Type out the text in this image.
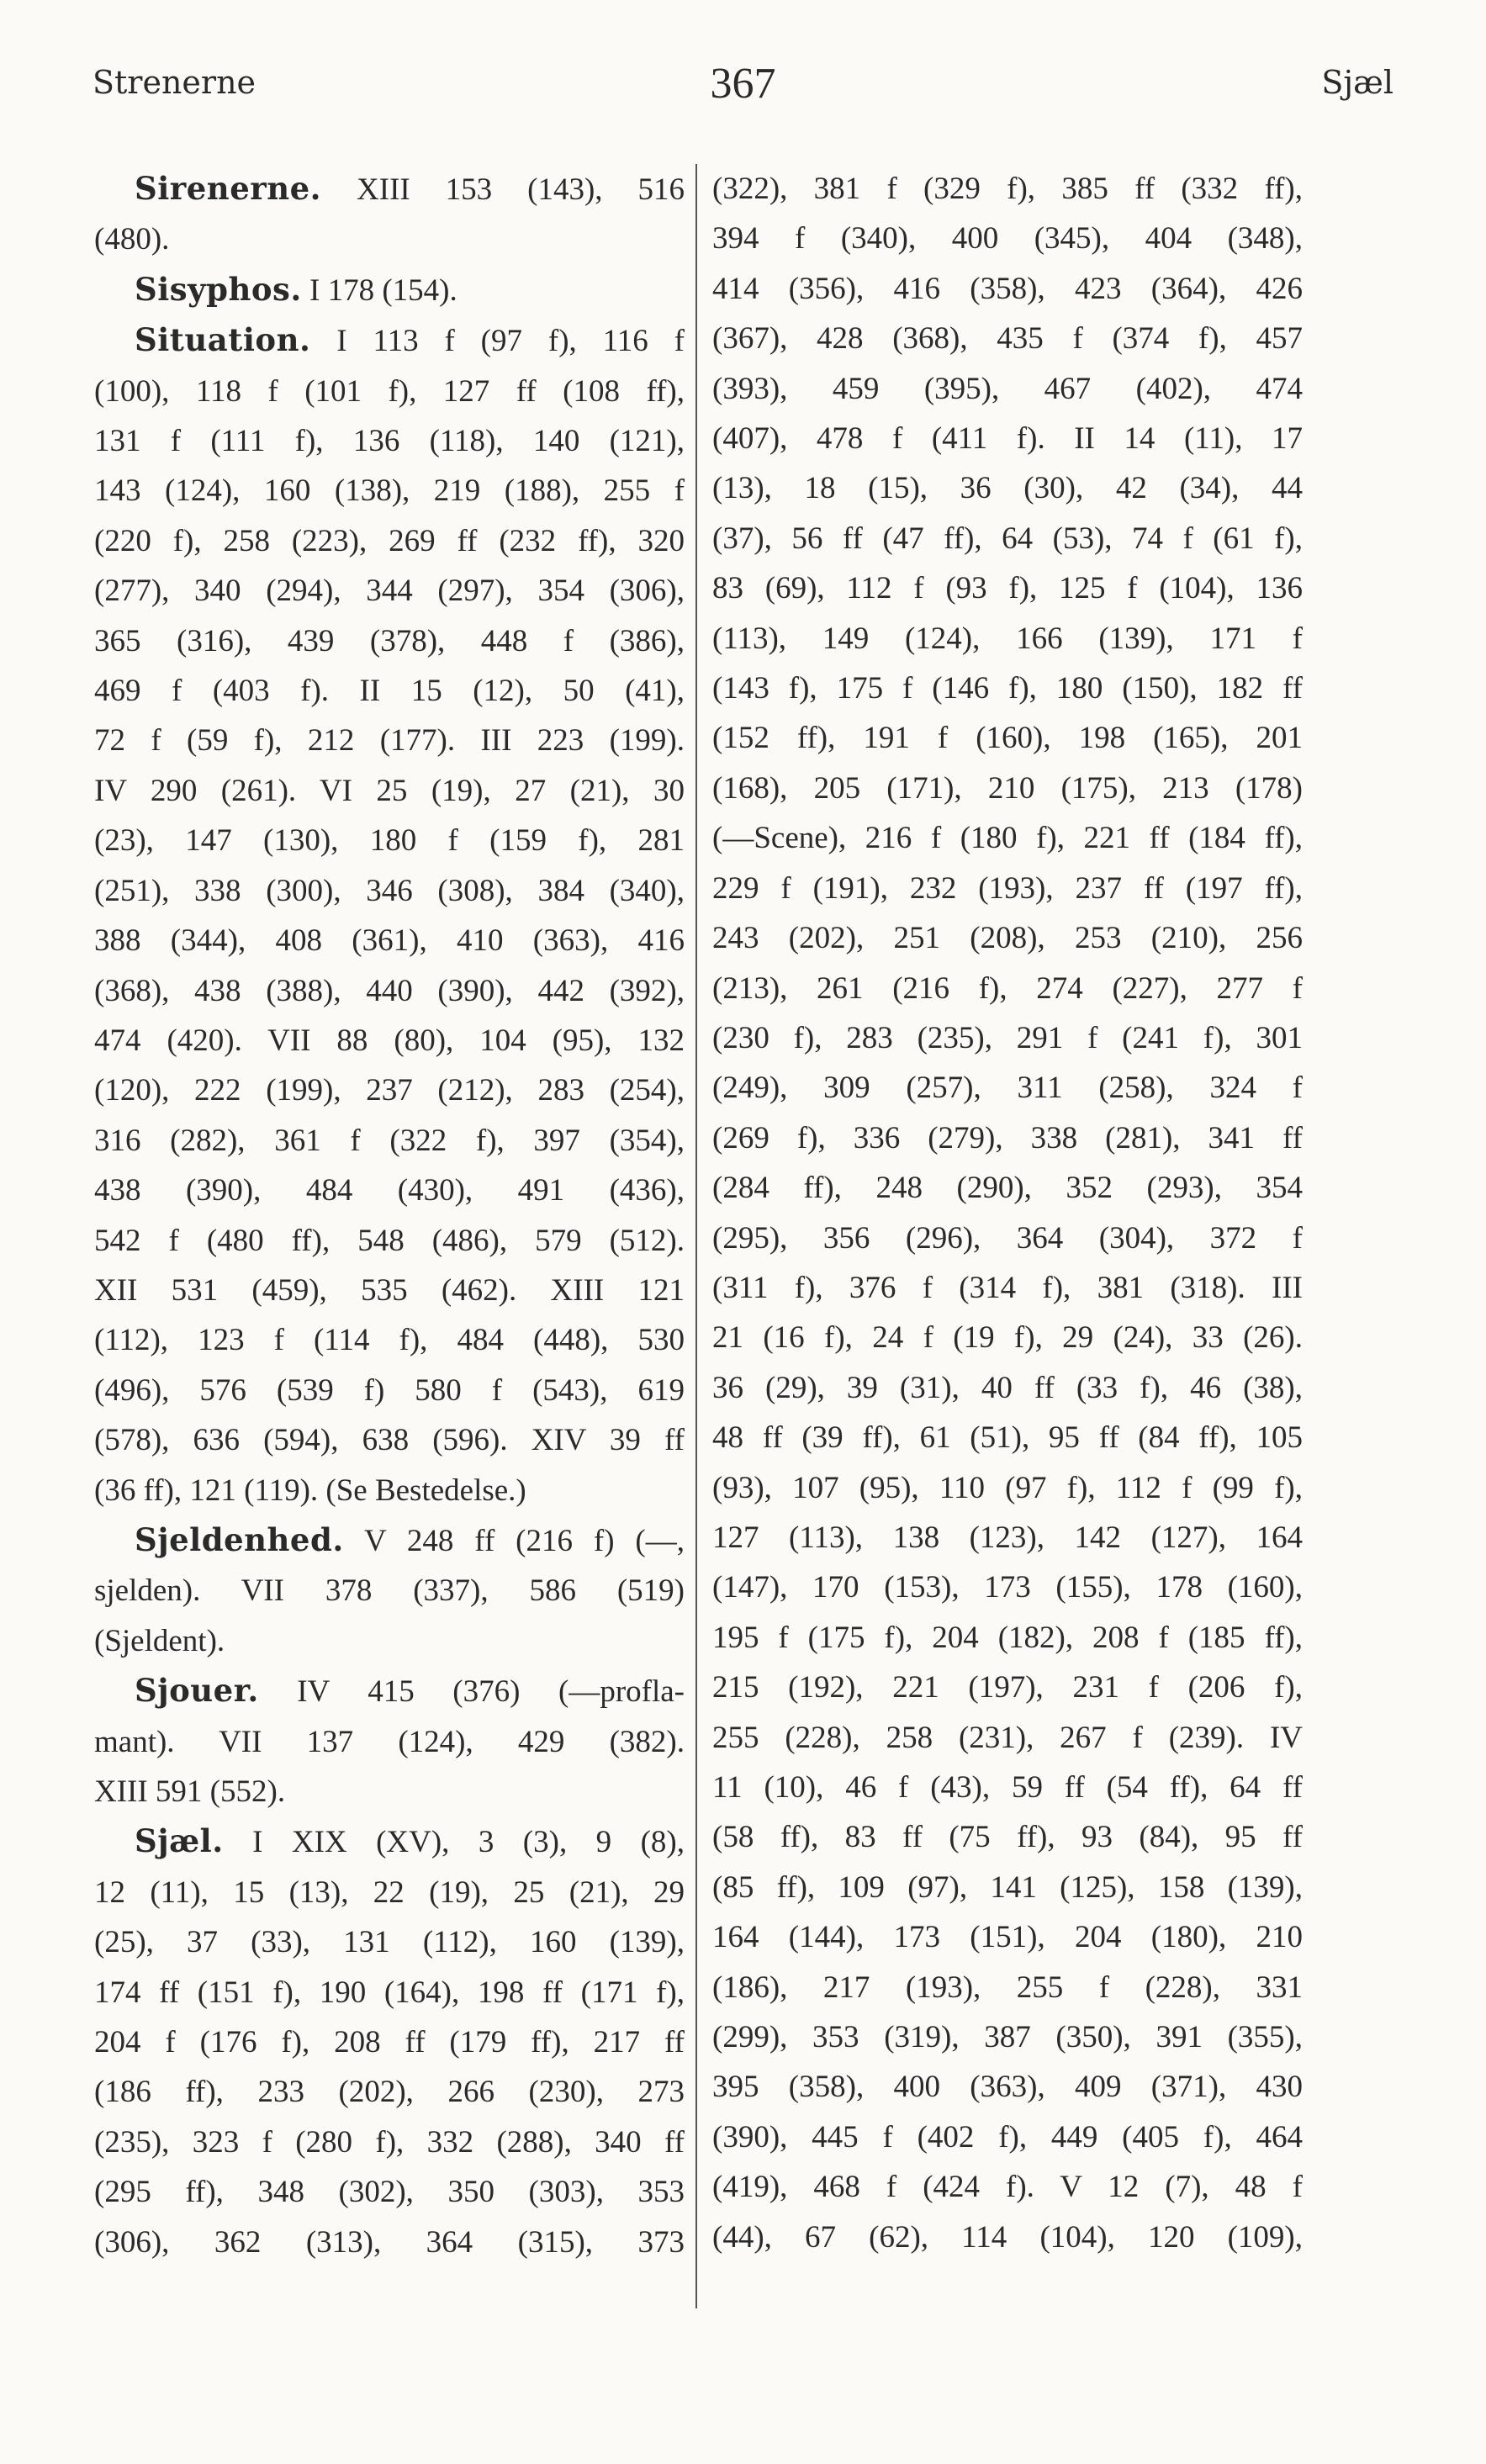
Strenerne	367	Sjæl
Sirenerne. XIII 153 (143), 516
(480).
Sisyphos. I 178 (154).
Situation. I 113 f (97 f), 116 f
(100), 118 f (101 f), 127 ff (108 ff),
131 f (111 f), 136 (118), 140 (121),
143 (124), 160 (138), 219 (188), 255 f
(220 f), 258 (223), 269 ff (232 ff), 320
(277), 340 (294), 344 (297), 354 (306),
365 (316), 439 (378), 448 f (386),
469 f (403 f). II 15 (12), 50 (41),
72 f (59 f), 212 (177). III 223 (199).
IV 290 (261). VI 25 (19), 27 (21), 30
(23), 147 (130), 180 f (159 f), 281
(251), 338 (300), 346 (308), 384 (340),
388 (344), 408 (361), 410 (363), 416
(368), 438 (388), 440 (390), 442 (392),
474 (420). VII 88 (80), 104 (95), 132
(120), 222 (199), 237 (212), 283 (254),
316 (282), 361 f (322 f), 397 (354),
438 (390), 484 (430), 491 (436),
542 f (480 ff), 548 (486), 579 (512).
XII 531 (459), 535 (462). XIII 121
(112), 123 f (114 f), 484 (448), 530
(496), 576 (539 f) 580 f (543), 619
(578), 636 (594), 638 (596). XIV 39 ff
(36 ff), 121 (119). (Se Bestedelse.)
Sjeldenhed. V 248 ff (216 f) (—,
sjelden). VII 378 (337), 586 (519)
(Sjeldent).
Sjouer. IV 415 (376) (—profla-
mant). VII 137 (124), 429 (382).
XIII 591 (552).
Sjæl. I XIX (XV), 3 (3), 9 (8),
12 (11), 15 (13), 22 (19), 25 (21), 29
(25), 37 (33), 131 (112), 160 (139),
174 ff (151 f), 190 (164), 198 ff (171 f),
204 f (176 f), 208 ff (179 ff), 217 ff
(186 ff), 233 (202), 266 (230), 273
(235), 323 f (280 f), 332 (288), 340 ff
(295 ff), 348 (302), 350 (303), 353
(306), 362 (313), 364 (315), 373
(322), 381 f (329 f), 385 ff (332 ff),
394 f (340), 400 (345), 404 (348),
414 (356), 416 (358), 423 (364), 426
(367), 428 (368), 435 f (374 f), 457
(393), 459 (395), 467 (402), 474
(407), 478 f (411 f). II 14 (11), 17
(13), 18 (15), 36 (30), 42 (34), 44
(37), 56 ff (47 ff), 64 (53), 74 f (61 f),
83 (69), 112 f (93 f), 125 f (104), 136
(113), 149 (124), 166 (139), 171 f
(143 f), 175 f (146 f), 180 (150), 182 ff
(152 ff), 191 f (160), 198 (165), 201
(168), 205 (171), 210 (175), 213 (178)
(—Scene), 216 f (180 f), 221 ff (184 ff),
229 f (191), 232 (193), 237 ff (197 ff),
243 (202), 251 (208), 253 (210), 256
(213), 261 (216 f), 274 (227), 277 f
(230 f), 283 (235), 291 f (241 f), 301
(249), 309 (257), 311 (258), 324 f
(269 f), 336 (279), 338 (281), 341 ff
(284 ff), 248 (290), 352 (293), 354
(295), 356 (296), 364 (304), 372 f
(311 f), 376 f (314 f), 381 (318). III
21 (16 f), 24 f (19 f), 29 (24), 33 (26).
36 (29), 39 (31), 40 ff (33 f), 46 (38),
48 ff (39 ff), 61 (51), 95 ff (84 ff), 105
(93), 107 (95), 110 (97 f), 112 f (99 f),
127 (113), 138 (123), 142 (127), 164
(147), 170 (153), 173 (155), 178 (160),
195 f (175 f), 204 (182), 208 f (185 ff),
215 (192), 221 (197), 231 f (206 f),
255 (228), 258 (231), 267 f (239). IV
11 (10), 46 f (43), 59 ff (54 ff), 64 ff
(58 ff), 83 ff (75 ff), 93 (84), 95 ff
(85 ff), 109 (97), 141 (125), 158 (139),
164 (144), 173 (151), 204 (180), 210
(186), 217 (193), 255 f (228), 331
(299), 353 (319), 387 (350), 391 (355),
395 (358), 400 (363), 409 (371), 430
(390), 445 f (402 f), 449 (405 f), 464
(419), 468 f (424 f). V 12 (7), 48 f
(44), 67 (62), 114 (104), 120 (109),
